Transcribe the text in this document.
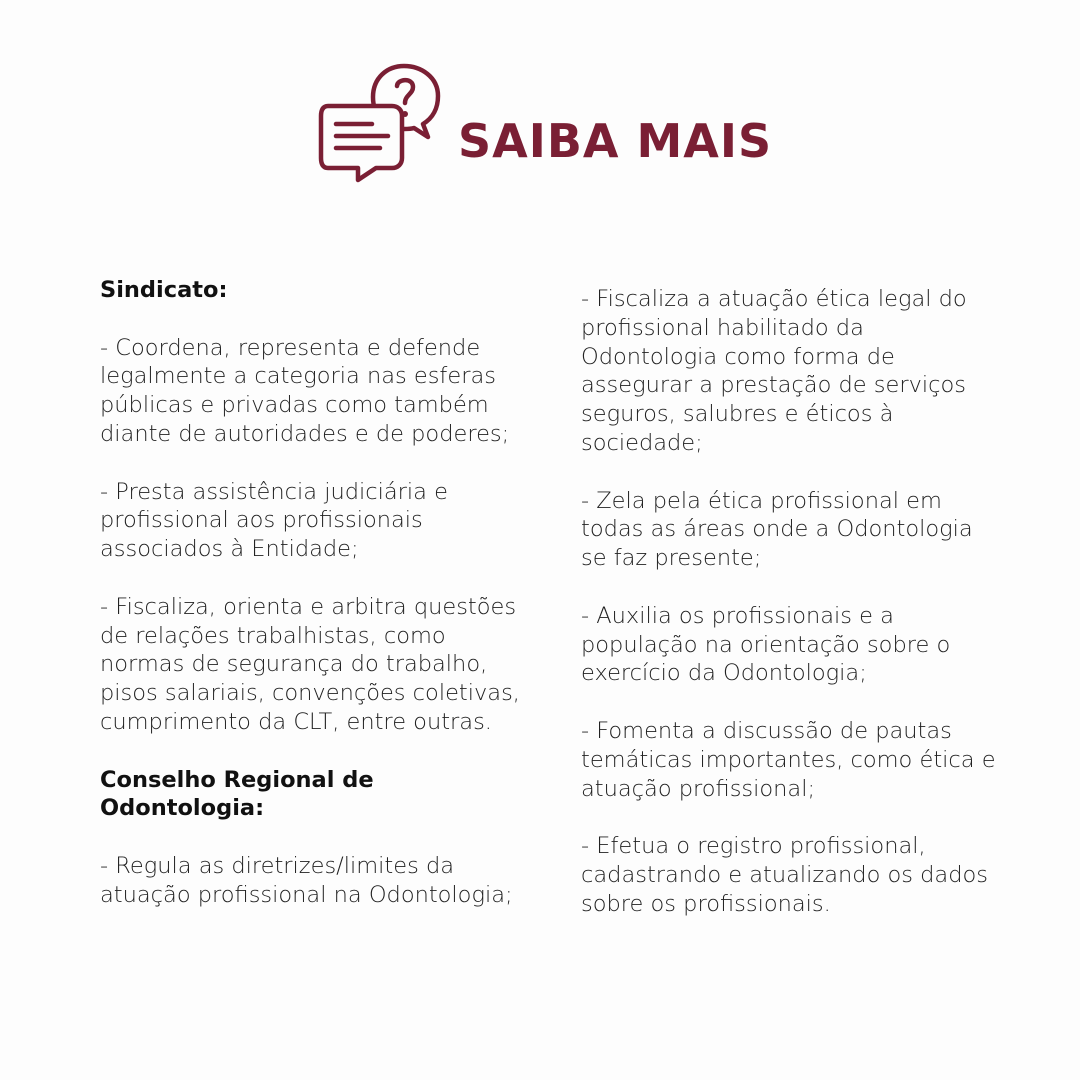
SAIBA MAIS

Sindicato:

- Coordena, representa e defende
legalmente a categoria nas esferas
públicas e privadas como também
diante de autoridades e de poderes;

- Presta assistência judiciária e
profissional aos profissionais
associados à Entidade;

- Fiscaliza, orienta e arbitra questões
de relações trabalhistas, como
normas de segurança do trabalho,
pisos salariais, convenções coletivas,
cumprimento da CLT, entre outras.

Conselho Regional de
Odontologia:

- Regula as diretrizes/limites da
atuação profissional na Odontologia;

- Fiscaliza a atuação ética legal do
profissional habilitado da
Odontologia como forma de
assegurar a prestação de serviços
seguros, salubres e éticos à
sociedade;

- Zela pela ética profissional em
todas as áreas onde a Odontologia
se faz presente;

- Auxilia os profissionais e a
população na orientação sobre o
exercício da Odontologia;

- Fomenta a discussão de pautas
temáticas importantes, como ética e
atuação profissional;

- Efetua o registro profissional,
cadastrando e atualizando os dados
sobre os profissionais.
